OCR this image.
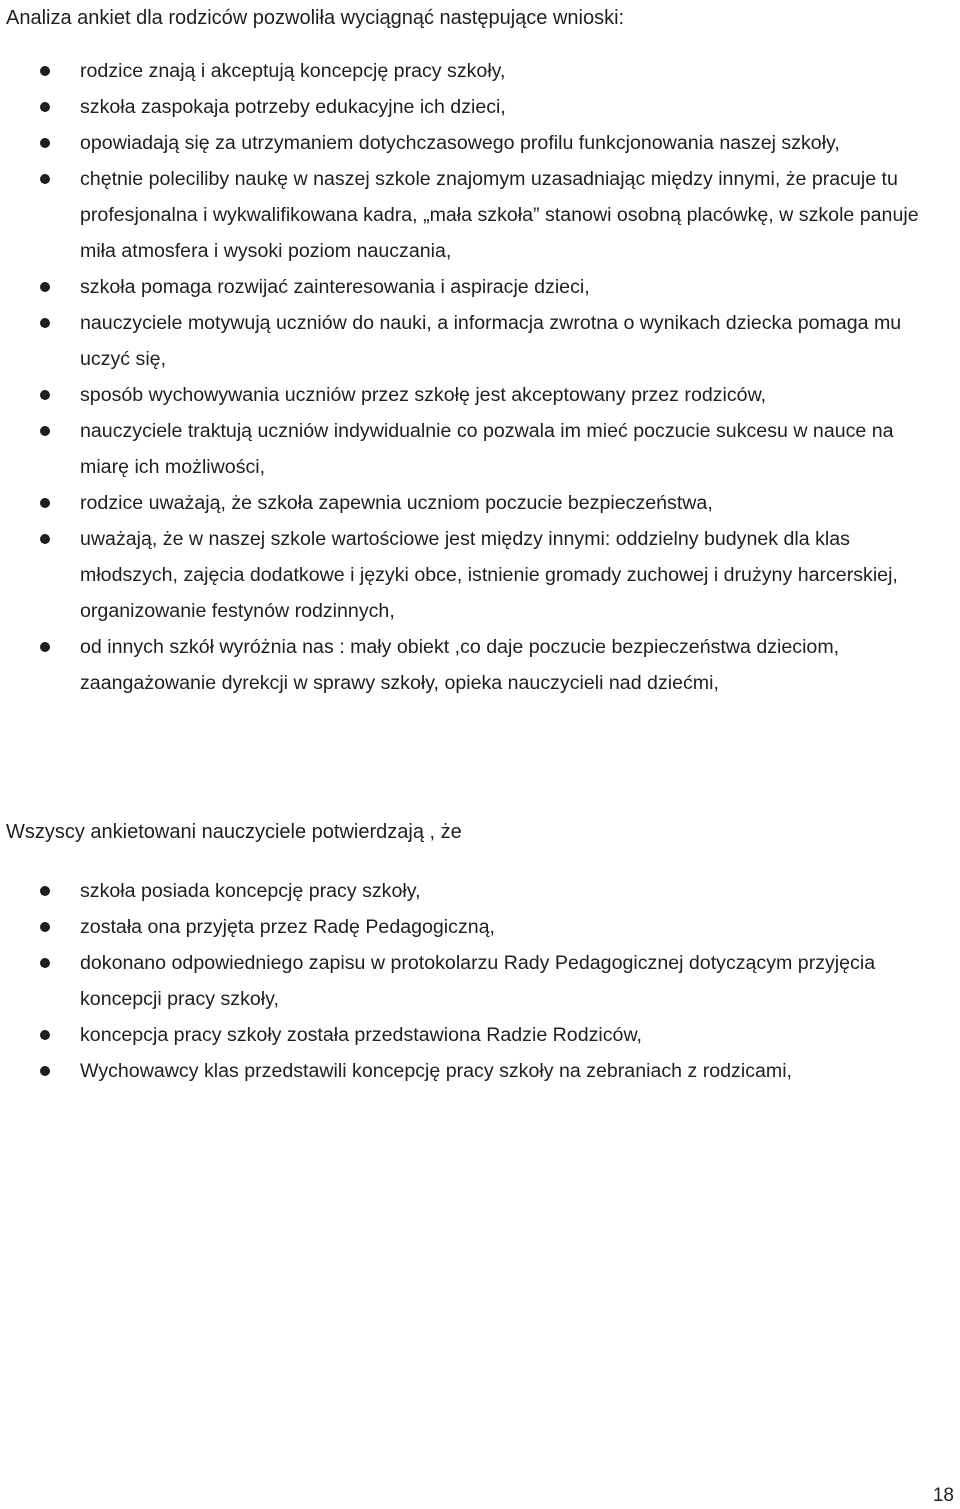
Analiza ankiet dla rodziców pozwoliła wyciągnąć następujące wnioski:

rodzice znają i akceptują koncepcję pracy szkoły,
szkoła zaspokaja potrzeby edukacyjne ich dzieci,
opowiadają się za utrzymaniem dotychczasowego profilu funkcjonowania naszej szkoły,
chętnie poleciliby naukę w naszej szkole znajomym uzasadniając między innymi, że pracuje tu profesjonalna i wykwalifikowana kadra, „mała szkoła” stanowi osobną placówkę, w szkole panuje miła atmosfera i wysoki poziom nauczania,
szkoła pomaga rozwijać zainteresowania i aspiracje dzieci,
nauczyciele motywują uczniów do nauki, a informacja zwrotna o wynikach dziecka pomaga mu uczyć się,
sposób wychowywania uczniów przez szkołę jest akceptowany przez rodziców,
nauczyciele traktują uczniów indywidualnie co pozwala im mieć poczucie sukcesu w nauce na miarę ich możliwości,
rodzice uważają, że szkoła zapewnia uczniom poczucie bezpieczeństwa,
uważają, że w naszej szkole wartościowe jest między innymi: oddzielny budynek dla klas młodszych, zajęcia dodatkowe i języki obce, istnienie gromady zuchowej i drużyny harcerskiej, organizowanie festynów rodzinnych,
od innych szkół wyróżnia nas : mały obiekt ,co daje poczucie bezpieczeństwa dzieciom, zaangażowanie dyrekcji w sprawy szkoły, opieka nauczycieli nad dziećmi,

Wszyscy ankietowani nauczyciele potwierdzają , że

szkoła posiada koncepcję pracy szkoły,
została ona przyjęta przez Radę Pedagogiczną,
dokonano odpowiedniego zapisu w protokolarzu Rady Pedagogicznej dotyczącym przyjęcia koncepcji pracy szkoły,
koncepcja pracy szkoły została przedstawiona Radzie Rodziców,
Wychowawcy klas przedstawili koncepcję pracy szkoły na zebraniach z rodzicami,
18
